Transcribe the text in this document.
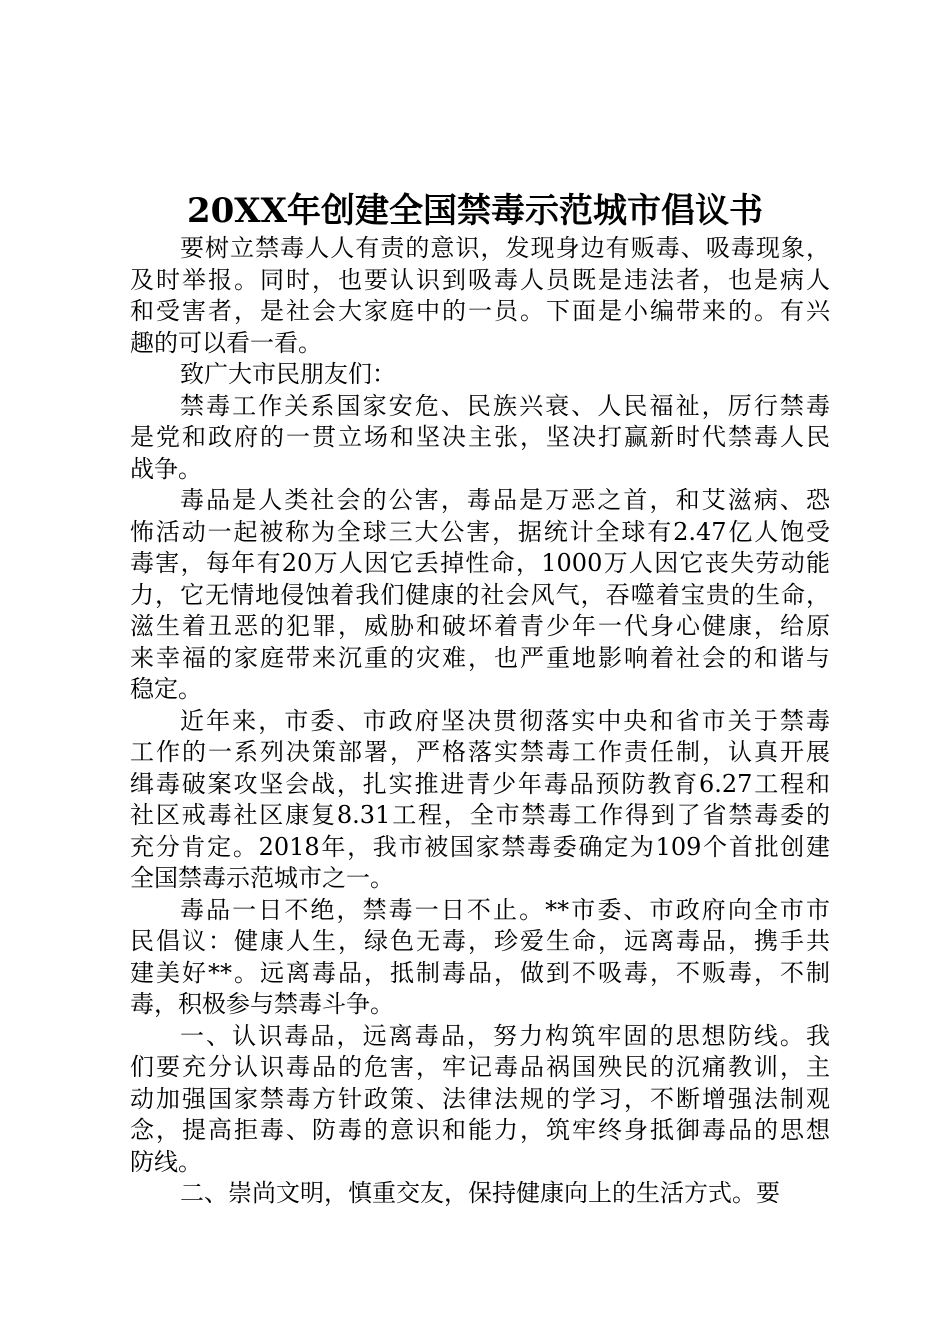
20XX年创建全国禁毒示范城市倡议书
要树立禁毒人人有责的意识，发现身边有贩毒、吸毒现象，
及时举报。同时，也要认识到吸毒人员既是违法者，也是病人
和受害者，是社会大家庭中的一员。下面是小编带来的。有兴
趣的可以看一看。
致广大市民朋友们：
禁毒工作关系国家安危、民族兴衰、人民福祉，厉行禁毒
是党和政府的一贯立场和坚决主张，坚决打赢新时代禁毒人民
战争。
毒品是人类社会的公害，毒品是万恶之首，和艾滋病、恐
怖活动一起被称为全球三大公害，据统计全球有2.47亿人饱受
毒害，每年有20万人因它丢掉性命，1000万人因它丧失劳动能
力，它无情地侵蚀着我们健康的社会风气，吞噬着宝贵的生命，
滋生着丑恶的犯罪，威胁和破坏着青少年一代身心健康，给原
来幸福的家庭带来沉重的灾难，也严重地影响着社会的和谐与
稳定。
近年来，市委、市政府坚决贯彻落实中央和省市关于禁毒
工作的一系列决策部署，严格落实禁毒工作责任制，认真开展
缉毒破案攻坚会战，扎实推进青少年毒品预防教育6.27工程和
社区戒毒社区康复8.31工程，全市禁毒工作得到了省禁毒委的
充分肯定。2018年，我市被国家禁毒委确定为109个首批创建
全国禁毒示范城市之一。
毒品一日不绝，禁毒一日不止。**市委、市政府向全市市
民倡议：健康人生，绿色无毒，珍爱生命，远离毒品，携手共
建美好**。远离毒品，抵制毒品，做到不吸毒，不贩毒，不制
毒，积极参与禁毒斗争。
一、认识毒品，远离毒品，努力构筑牢固的思想防线。我
们要充分认识毒品的危害，牢记毒品祸国殃民的沉痛教训，主
动加强国家禁毒方针政策、法律法规的学习，不断增强法制观
念，提高拒毒、防毒的意识和能力，筑牢终身抵御毒品的思想
防线。
二、崇尚文明，慎重交友，保持健康向上的生活方式。要
